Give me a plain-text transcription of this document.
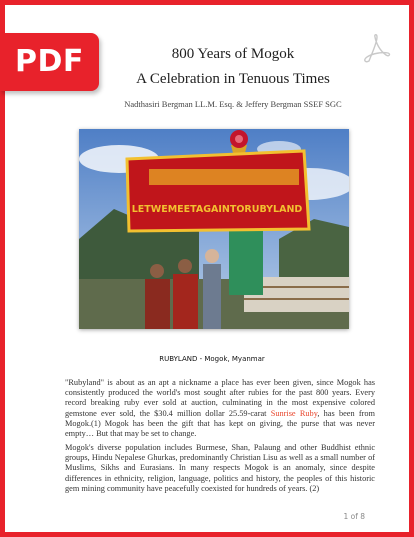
800 Years of Mogok
A Celebration in Tenuous Times
Nadthasiri Bergman LL.M. Esq. & Jeffery Bergman SSEF SGC
LETWEMEETAGAINTORUBYLAND
RUBYLAND - Mogok, Myanmar
"Rubyland" is about as an apt a nickname a place has ever been given, since Mogok has consistently produced the world's most sought after rubies for the past 800 years. Every record breaking ruby ever sold at auction, culminating in the most expensive colored gemstone ever sold, the $30.4 million dollar 25.59-carat Sunrise Ruby, has been from Mogok.(1) Mogok has been the gift that has kept on giving, the purse that was never empty… But that may be set to change.
Mogok's diverse population includes Burmese, Shan, Palaung and other Buddhist ethnic groups, Hindu Nepalese Ghurkas, predominantly Christian Lisu as well as a small number of Muslims, Sikhs and Eurasians. In many respects Mogok is an anomaly, since despite differences in ethnicity, religion, language, politics and history, the peoples of this historic gem mining community have peacefully coexisted for hundreds of years. (2)
1 of 8
PDF
